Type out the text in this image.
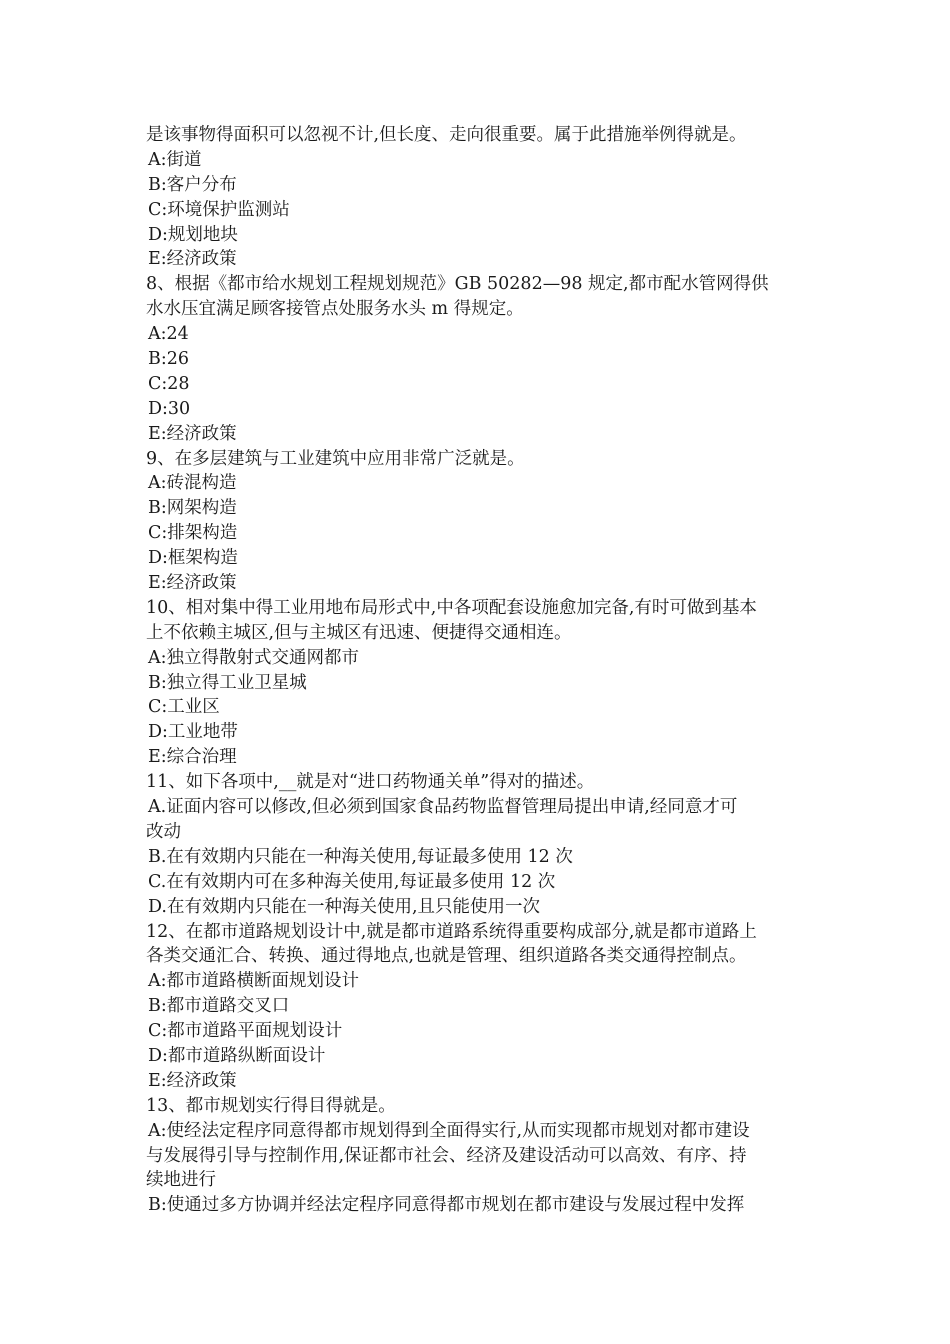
是该事物得面积可以忽视不计,但长度、走向很重要。属于此措施举例得就是。
A:街道
B:客户分布
C:环境保护监测站
D:规划地块
E:经济政策
8、根据《都市给水规划工程规划规范》GB 50282—98 规定,都市配水管网得供
水水压宜满足顾客接管点处服务水头 m 得规定。
A:24
B:26
C:28
D:30
E:经济政策
9、在多层建筑与工业建筑中应用非常广泛就是。
A:砖混构造
B:网架构造
C:排架构造
D:框架构造
E:经济政策
10、相对集中得工业用地布局形式中,中各项配套设施愈加完备,有时可做到基本
上不依赖主城区,但与主城区有迅速、便捷得交通相连。
A:独立得散射式交通网都市
B:独立得工业卫星城
C:工业区
D:工业地带
E:综合治理
11、如下各项中,__就是对“进口药物通关单”得对的描述。
A.证面内容可以修改,但必须到国家食品药物监督管理局提出申请,经同意才可
改动
B.在有效期内只能在一种海关使用,每证最多使用 12 次
C.在有效期内可在多种海关使用,每证最多使用 12 次
D.在有效期内只能在一种海关使用,且只能使用一次
12、在都市道路规划设计中,就是都市道路系统得重要构成部分,就是都市道路上
各类交通汇合、转换、通过得地点,也就是管理、组织道路各类交通得控制点。
A:都市道路横断面规划设计
B:都市道路交叉口
C:都市道路平面规划设计
D:都市道路纵断面设计
E:经济政策
13、都市规划实行得目得就是。
A:使经法定程序同意得都市规划得到全面得实行,从而实现都市规划对都市建设
与发展得引导与控制作用,保证都市社会、经济及建设活动可以高效、有序、持
续地进行
B:使通过多方协调并经法定程序同意得都市规划在都市建设与发展过程中发挥
